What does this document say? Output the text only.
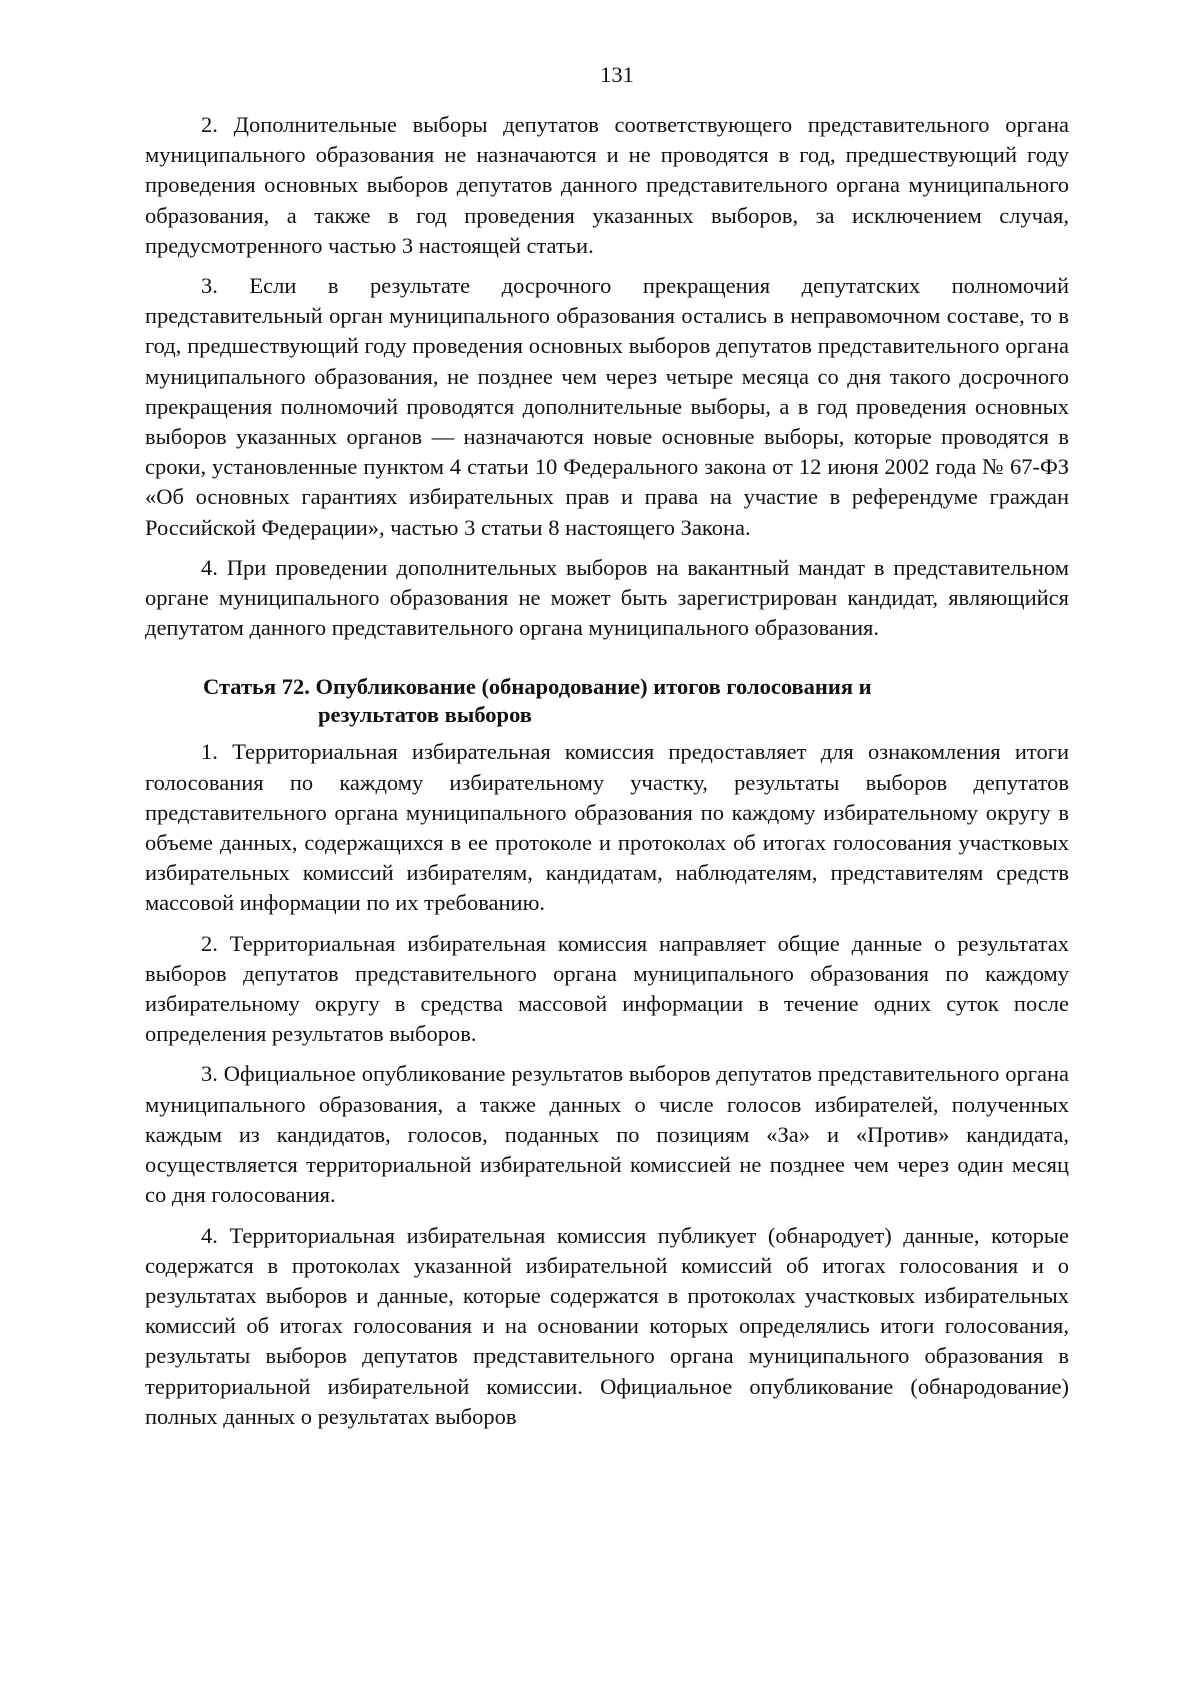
131

2. Дополнительные выборы депутатов соответствующего представительного органа муниципального образования не назначаются и не проводятся в год, предшествующий году проведения основных выборов депутатов данного представительного органа муниципального образования, а также в год проведения указанных выборов, за исключением случая, предусмотренного частью 3 настоящей статьи.

3. Если в результате досрочного прекращения депутатских полномочий представительный орган муниципального образования остались в неправомочном составе, то в год, предшествующий году проведения основных выборов депутатов представительного органа муниципального образования, не позднее чем через четыре месяца со дня такого досрочного прекращения полномочий проводятся дополнительные выборы, а в год проведения основных выборов указанных органов — назначаются новые основные выборы, которые проводятся в сроки, установленные пунктом 4 статьи 10 Федерального закона от 12 июня 2002 года № 67-ФЗ «Об основных гарантиях избирательных прав и права на участие в референдуме граждан Российской Федерации», частью 3 статьи 8 настоящего Закона.

4. При проведении дополнительных выборов на вакантный мандат в представительном органе муниципального образования не может быть зарегистрирован кандидат, являющийся депутатом данного представительного органа муниципального образования.

Статья 72. Опубликование (обнародование) итогов голосования и
результатов выборов

1. Территориальная избирательная комиссия предоставляет для ознакомления итоги голосования по каждому избирательному участку, результаты выборов депутатов представительного органа муниципального образования по каждому избирательному округу в объеме данных, содержащихся в ее протоколе и протоколах об итогах голосования участковых избирательных комиссий избирателям, кандидатам, наблюдателям, представителям средств массовой информации по их требованию.

2. Территориальная избирательная комиссия направляет общие данные о результатах выборов депутатов представительного органа муниципального образования по каждому избирательному округу в средства массовой информации в течение одних суток после определения результатов выборов.

3. Официальное опубликование результатов выборов депутатов представительного органа муниципального образования, а также данных о числе голосов избирателей, полученных каждым из кандидатов, голосов, поданных по позициям «За» и «Против» кандидата, осуществляется территориальной избирательной комиссией не позднее чем через один месяц со дня голосования.

4. Территориальная избирательная комиссия публикует (обнародует) данные, которые содержатся в протоколах указанной избирательной комиссий об итогах голосования и о результатах выборов и данные, которые содержатся в протоколах участковых избирательных комиссий об итогах голосования и на основании которых определялись итоги голосования, результаты выборов депутатов представительного органа муниципального образования в территориальной избирательной комиссии. Официальное опубликование (обнародование) полных данных о результатах выборов
